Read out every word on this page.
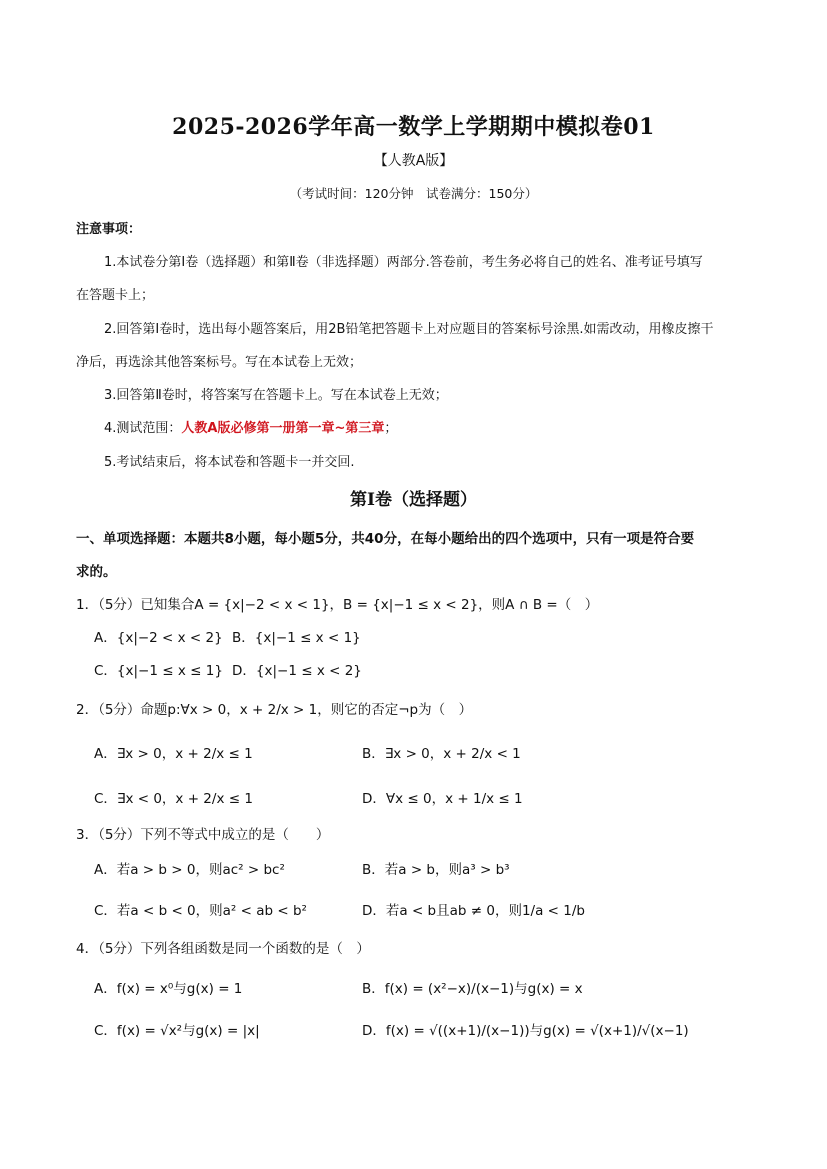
2025-2026学年高一数学上学期期中模拟卷01
【人教A版】
（考试时间：120分钟　试卷满分：150分）
注意事项：
1.本试卷分第Ⅰ卷（选择题）和第Ⅱ卷（非选择题）两部分.答卷前，考生务必将自己的姓名、准考证号填写
在答题卡上；
2.回答第Ⅰ卷时，选出每小题答案后，用2B铅笔把答题卡上对应题目的答案标号涂黑.如需改动，用橡皮擦干
净后，再选涂其他答案标号。写在本试卷上无效；
3.回答第Ⅱ卷时，将答案写在答题卡上。写在本试卷上无效；
4.测试范围：人教A版必修第一册第一章~第三章；
5.考试结束后，将本试卷和答题卡一并交回.
第Ⅰ卷（选择题）
一、单项选择题：本题共8小题，每小题5分，共40分，在每小题给出的四个选项中，只有一项是符合要
求的。
1．（5分）已知集合A = {x|−2 < x < 1}，B = {x|−1 ≤ x < 2}，则A ∩ B =（　）
A．{x|−2 < x < 2} B．{x|−1 ≤ x < 1}
C．{x|−1 ≤ x ≤ 1} D．{x|−1 ≤ x < 2}
2．（5分）命题p:∀x > 0，x + 2/x > 1，则它的否定¬p为（　）
A．∃x > 0，x + 2/x ≤ 1	B．∃x > 0，x + 2/x < 1
C．∃x < 0，x + 2/x ≤ 1	D．∀x ≤ 0，x + 1/x ≤ 1
3．（5分）下列不等式中成立的是（　　）
A．若a > b > 0，则ac² > bc²	B．若a > b，则a³ > b³
C．若a < b < 0，则a² < ab < b²	D．若a < b且ab ≠ 0，则1/a < 1/b
4．（5分）下列各组函数是同一个函数的是（　）
A．f(x) = x⁰与g(x) = 1	B．f(x) = (x²−x)/(x−1)与g(x) = x
C．f(x) = √x²与g(x) = |x|	D．f(x) = √((x+1)/(x−1))与g(x) = √(x+1)/√(x−1)
